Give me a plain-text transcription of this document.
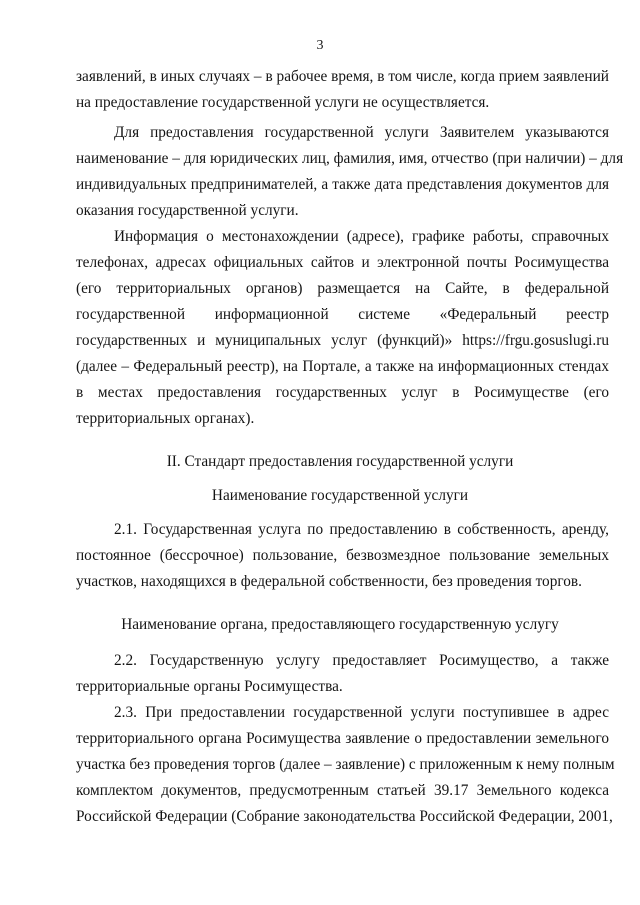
3
заявлений, в иных случаях – в рабочее время, в том числе, когда прием заявлений
на предоставление государственной услуги не осуществляется.
Для предоставления государственной услуги Заявителем указываются
наименование – для юридических лиц, фамилия, имя, отчество (при наличии) – для
индивидуальных предпринимателей, а также дата представления документов для
оказания государственной услуги.
Информация о местонахождении (адресе), графике работы, справочных
телефонах, адресах официальных сайтов и электронной почты Росимущества
(его территориальных органов) размещается на Сайте, в федеральной
государственной информационной системе «Федеральный реестр
государственных и муниципальных услуг (функций)» https://frgu.gosuslugi.ru
(далее – Федеральный реестр), на Портале, а также на информационных стендах
в местах предоставления государственных услуг в Росимуществе (его
территориальных органах).
II. Стандарт предоставления государственной услуги
Наименование государственной услуги
2.1. Государственная услуга по предоставлению в собственность, аренду,
постоянное (бессрочное) пользование, безвозмездное пользование земельных
участков, находящихся в федеральной собственности, без проведения торгов.
Наименование органа, предоставляющего государственную услугу
2.2. Государственную услугу предоставляет Росимущество, а также
территориальные органы Росимущества.
2.3. При предоставлении государственной услуги поступившее в адрес
территориального органа Росимущества заявление о предоставлении земельного
участка без проведения торгов (далее – заявление) с приложенным к нему полным
комплектом документов, предусмотренным статьей 39.17 Земельного кодекса
Российской Федерации (Собрание законодательства Российской Федерации, 2001,
